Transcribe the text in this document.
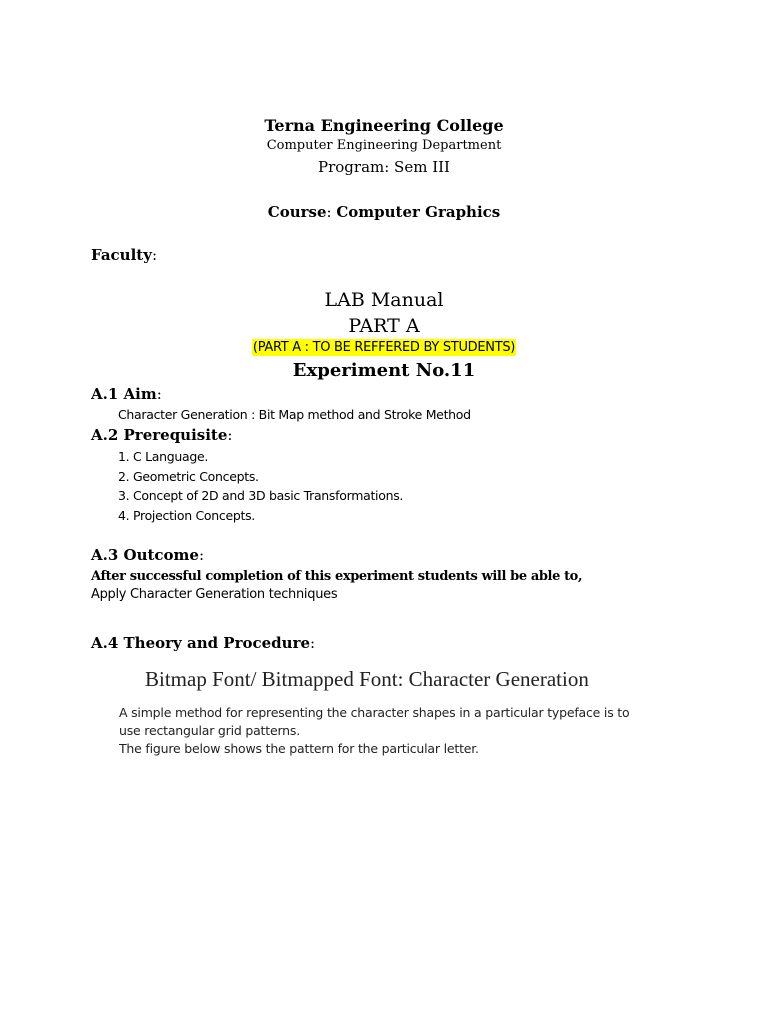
Terna Engineering College
Computer Engineering Department
Program: Sem III
Course: Computer Graphics
Faculty:
LAB Manual
PART A
(PART A : TO BE REFFERED BY STUDENTS)
Experiment No.11
A.1 Aim:
Character Generation : Bit Map method and Stroke Method
A.2 Prerequisite:
1. C Language.
2. Geometric Concepts.
3. Concept of 2D and 3D basic Transformations.
4. Projection Concepts.
A.3 Outcome:
After successful completion of this experiment students will be able to,
Apply Character Generation techniques
A.4 Theory and Procedure:
Bitmap Font/ Bitmapped Font: Character Generation
A simple method for representing the character shapes in a particular typeface is to
use rectangular grid patterns.
The figure below shows the pattern for the particular letter.
